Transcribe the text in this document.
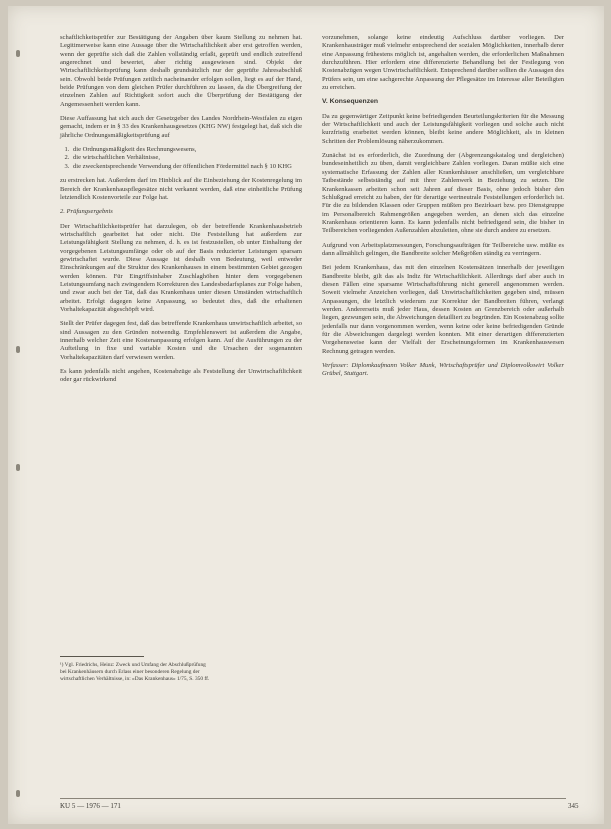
schaftlichkeitsprüfer zur Bestätigung der Angaben über kaum Stellung zu nehmen hat. Legitimerweise kann eine Aussage über die Wirtschaftlichkeit aber erst getroffen werden, wenn der geprüfte sich daß die Zahlen vollständig erfaßt, geprüft und endlich zutreffend angerechnet und bewertet, aber richtig ausgewiesen sind. Objekt der Wirtschaftlichkeitsprüfung kann deshalb grundsätzlich nur der geprüfte Jahresabschluß sein. Obwohl beide Prüfungen zeitlich nacheinander erfolgen sollen, liegt es auf der Hand, beide Prüfungen von dem gleichen Prüfer durchführen zu lassen, da die Übergreifung der einzelnen Zahlen auf Richtigkeit sofort auch die Überprüfung der Bestätigung der Angemessenheit werden kann.

Diese Auffassung hat sich auch der Gesetzgeber des Landes Nordrhein-Westfalen zu eigen gemacht, indem er in § 33 des Krankenhausgesetzes (KHG NW) festgelegt hat, daß sich die jährliche Ordnungsmäßigkeitsprüfung auf

1. die Ordnungsmäßigkeit des Rechnungswesens,
2. die wirtschaftlichen Verhältnisse,
3. die zweckentsprechende Verwendung der öffentlichen Fördermittel nach § 10 KHG

zu erstrecken hat. Außerdem darf im Hinblick auf die Einbeziehung der Kostenregelung im Bereich der Krankenhauspflegesätze nicht verkannt werden, daß eine einheitliche Prüfung letztendlich Kostenvorteile zur Folge hat.

2. Prüfungsergebnis

Der Wirtschaftlichkeitsprüfer hat darzulegen, ob der betreffende Krankenhausbetrieb wirtschaftlich gearbeitet hat oder nicht. Die Feststellung hat außerdem zur Leistungsfähigkeit Stellung zu nehmen, d. h. es ist festzustellen, ob unter Einhaltung der vorgegebenen Leistungsumfänge oder ob auf der Basis reduzierter Leistungen sparsam gewirtschaftet wurde. Diese Aussage ist deshalb von Bedeutung, weil entweder Einschränkungen auf die Struktur des Krankenhauses in einem bestimmten Gebiet gezogen werden können. Für Eingriffsinhaber Zuschlaghöhen hinter dem vorgegebenen Leistungsumfang nach zwingendem Korrekturen des Landesbedarfsplanes zur Folge haben, und zwar auch bei der Tat, daß das Krankenhaus unter diesen Umständen wirtschaftlich arbeitet. Erfolgt dagegen keine Anpassung, so bedeutet dies, daß die erhaltenen Vorhaltekapazität abgeschöpft wird.

Stellt der Prüfer dagegen fest, daß das betreffende Krankenhaus unwirtschaftlich arbeitet, so sind Aussagen zu den Gründen notwendig. Empfehlenswert ist außerdem die Angabe, innerhalb welcher Zeit eine Kostenanpassung erfolgen kann. Auf die Ausführungen zu der Aufteilung in fixe und variable Kosten und die Ursachen der sogenannten Vorhaltekapazitäten darf verwiesen werden.

Es kann jedenfalls nicht angehen, Kostenabzüge als Feststellung der Unwirtschaftlichkeit oder gar rückwirkend

¹) Vgl. Friedrichs, Heinz: Zweck und Umfang der Abschlußprüfung bei Krankenhäusern durch Erlass einer besonderen Regelung der wirtschaftlichen Verhältnisse, in: »Das Krankenhaus« 1/75, S. 350 ff.

vorzunehmen, solange keine eindeutig Aufschluss darüber vorliegen. Der Krankenhausträger muß vielmehr entsprechend der sozialen Möglichkeiten, innerhalb derer eine Anpassung frühestens möglich ist, angehalten werden, die erforderlichen Maßnahmen durchzuführen. Hier erfordern eine differenzierte Behandlung bei der Festlegung von Kostenabzügen wegen Unwirtschaftlichkeit. Entsprechend darüber sollten die Aussagen des Prüfers sein, um eine sachgerechte Anpassung der Pflegesätze im Interesse aller Beteiligten zu erreichen.

V. Konsequenzen

Da zu gegenwärtiger Zeitpunkt keine befriedigenden Beurteilungskriterien für die Messung der Wirtschaftlichkeit und auch der Leistungsfähigkeit vorliegen und solche auch nicht kurzfristig erarbeitet werden können, bleibt keine andere Möglichkeit, als in kleinen Schritten der Problemlösung näherzukommen.

Zunächst ist es erforderlich, die Zuordnung der (Abgrenzungskatalog und dergleichen) bundeseinheitlich zu üben, damit vergleichbare Zahlen vorliegen. Daran müßte sich eine systematische Erfassung der Zahlen aller Krankenhäuser anschließen, um vergleichbare Tatbestände selbstständig auf mit ihrer Zahlenwerk in Beziehung zu setzen. Die Krankenkassen arbeiten schon seit Jahren auf dieser Basis, ohne jedoch bisher den Schlußgrad erreicht zu haben, der für derartige wertneutrale Feststellungen erforderlich ist. Für die zu bildenden Klassen oder Gruppen müßten pro Bezirksart bzw. pro Dienstgruppe im Personalbereich Rahmengrößen angegeben werden, an denen sich das einzelne Krankenhaus orientieren kann. Es kann jedenfalls nicht befriedigend sein, die bisher in Teilbereichen vorliegenden Außenzahlen abzuleiten, ohne sie durch andere zu ersetzen.

Aufgrund von Arbeitsplatzmessungen, Forschungsaufträgen für Teilbereiche usw. müßte es dann allmählich gelingen, die Bandbreite solcher Meßgrößen ständig zu verringern.

Bei jedem Krankenhaus, das mit den einzelnen Kostensätzen innerhalb der jeweiligen Bandbreite bleibt, gilt das als Indiz für Wirtschaftlichkeit. Allerdings darf aber auch in diesen Fällen eine sparsame Wirtschaftsführung nicht generell angenommen werden. Soweit vielmehr Anzeichen vorliegen, daß Unwirtschaftlichkeiten gegeben sind, müssen Anpassungen, die letztlich wiederum zur Korrektur der Bandbreiten führen, verlangt werden. Andererseits muß jeder Haus, dessen Kosten an Grenzbereich oder außerhalb liegen, gezwungen sein, die Abweichungen detailliert zu begründen. Ein Kostenabzug sollte jedenfalls nur dann vorgenommen werden, wenn keine oder keine befriedigenden Gründe für die Abweichungen dargelegt werden konnten. Mit einer derartigen differenzierten Vorgehensweise kann der Vielfalt der Erscheinungsformen im Krankenhauswesen Rechnung getragen werden.

Verfasser: Diplomkaufmann Volker Munk, Wirtschaftsprüfer und Diplomvolkswirt Volker Grübel, Stuttgart.

KU 5 — 1976 — 171	345
